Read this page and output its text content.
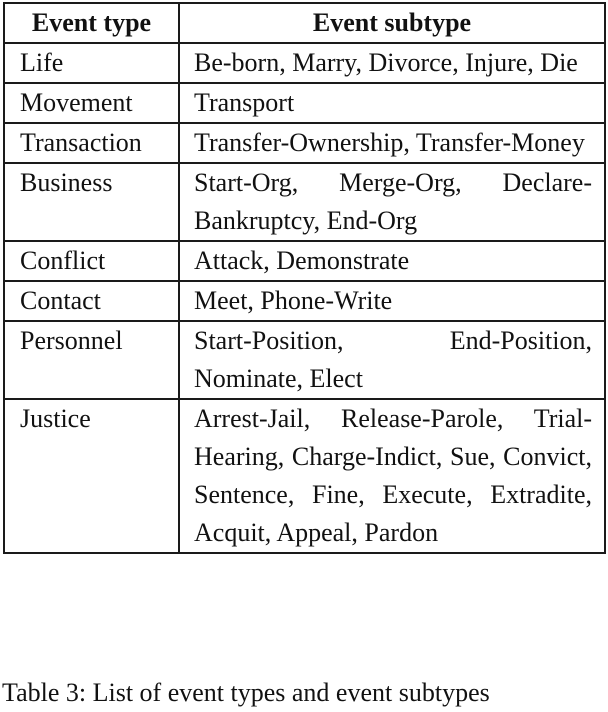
Event type	Event subtype
Life	Be-born, Marry, Divorce, Injure, Die
Movement	Transport
Transaction	Transfer-Ownership, Transfer-Money
Business	Start-Org, Merge-Org, Declare-Bankruptcy, End-Org
Conflict	Attack, Demonstrate
Contact	Meet, Phone-Write
Personnel	Start-Position, End-Position, Nominate, Elect
Justice	Arrest-Jail, Release-Parole, Trial-Hearing, Charge-Indict, Sue, Convict, Sentence, Fine, Execute, Extradite, Acquit, Appeal, Pardon
Table 3: List of event types and event subtypes
